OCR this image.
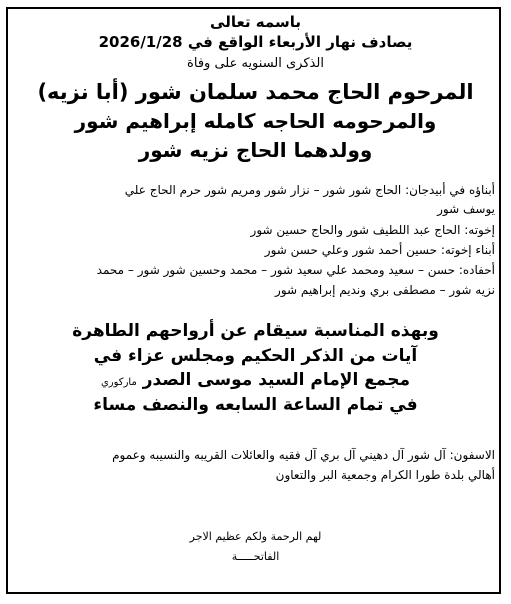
باسمه تعالى
يصادف نهار الأربعاء الواقع في 2026/1/28
الذكرى السنويه على وفاة
المرحوم الحاج محمد سلمان شور (أبا نزيه)
والمرحومه الحاجه كامله إبراهيم شور
وولدهما الحاج نزيه شور
أبناؤه في أبيدجان: الحاج شور شور – نزار شور ومريم شور حرم الحاج علي
يوسف شور
إخوته: الحاج عبد اللطيف شور والحاج حسين شور
أبناء إخوته: حسين أحمد شور وعلي حسن شور
أحفاده: حسن – سعيد ومحمد علي سعيد شور – محمد وحسين شور شور – محمد
نزيه شور – مصطفى بري ونديم إبراهيم شور
وبهذه المناسبة سيقام عن أرواحهم الطاهرة
آيات من الذكر الحكيم ومجلس عزاء في
مجمع الإمام السيد موسى الصدر ماركوري
في تمام الساعة السابعه والنصف مساء
الاسفون: آل شور آل دهيني آل بري آل فقيه والعائلات القريبه والنسيبه وعموم
أهالي بلدة طورا الكرام وجمعية البر والتعاون
لهم الرحمة ولكم عظيم الاجر
الفاتحـــــة
